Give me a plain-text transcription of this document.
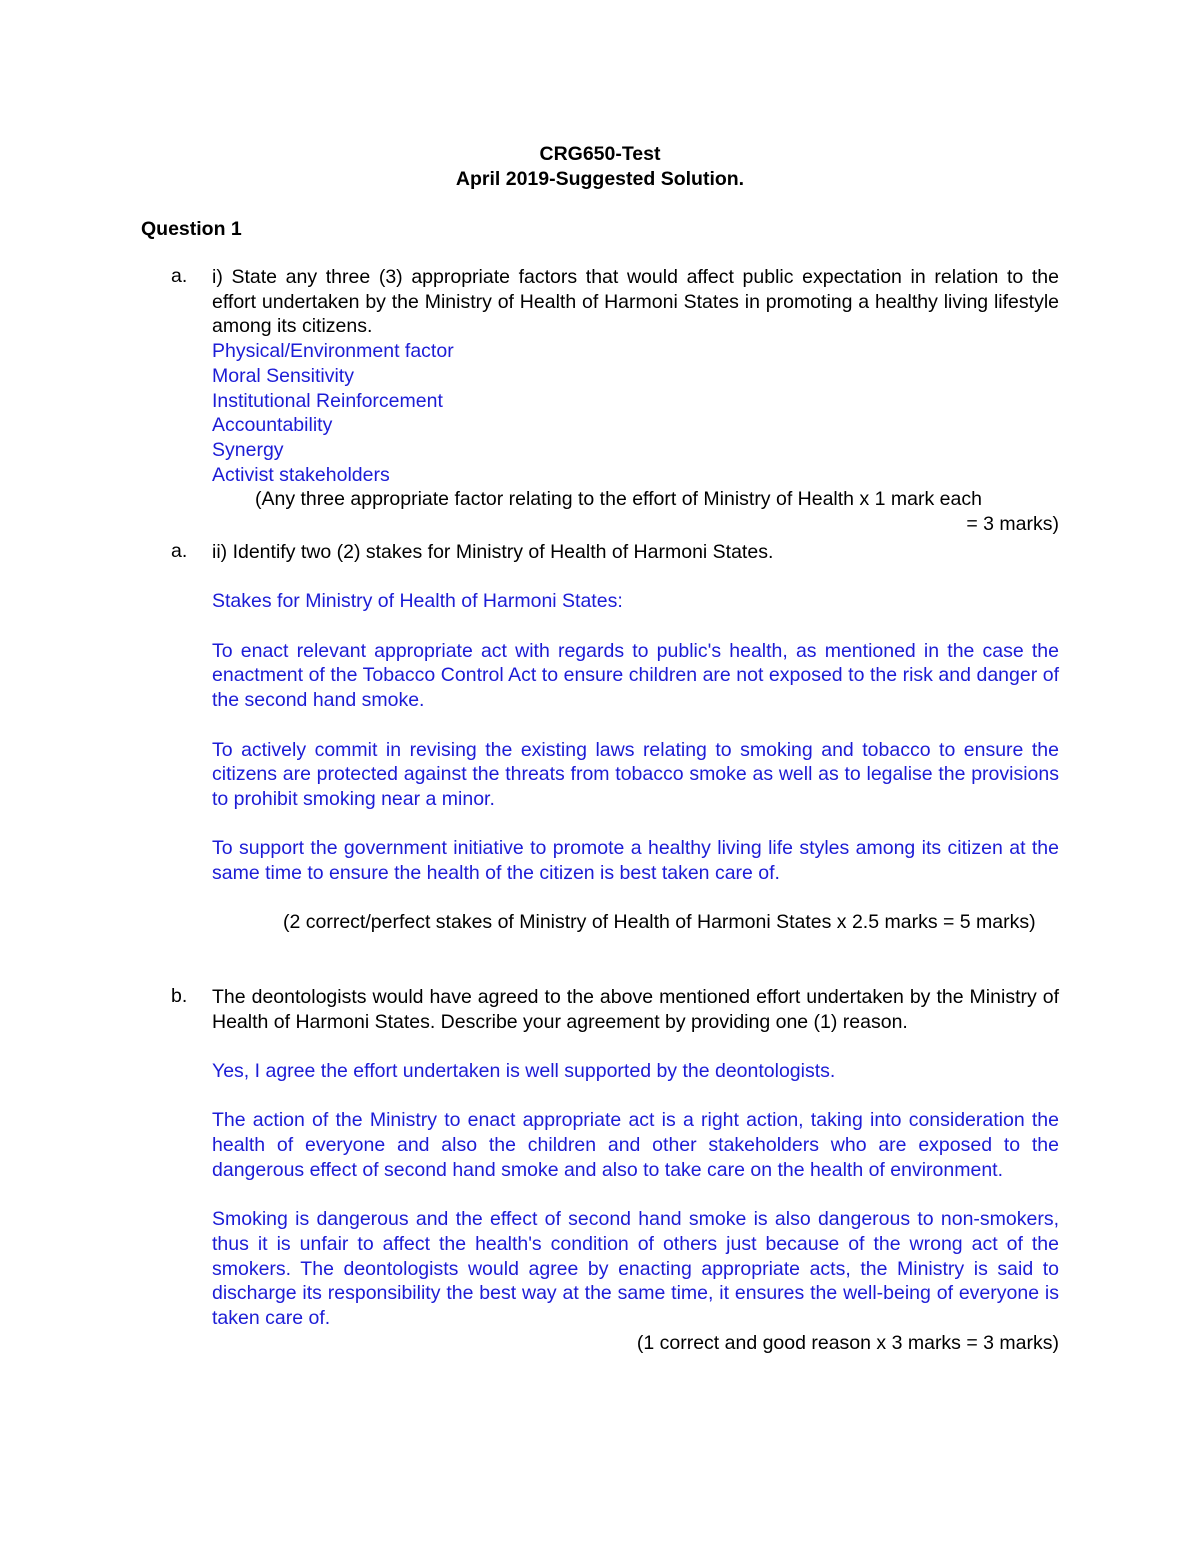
CRG650-Test
April 2019-Suggested Solution.
Question 1
a. i) State any three (3) appropriate factors that would affect public expectation in relation to the effort undertaken by the Ministry of Health of Harmoni States in promoting a healthy living lifestyle among its citizens.

Physical/Environment factor
Moral Sensitivity
Institutional Reinforcement
Accountability
Synergy
Activist stakeholders

(Any three appropriate factor relating to the effort of Ministry of Health x 1 mark each

= 3 marks)

a. ii) Identify two (2) stakes for Ministry of Health of Harmoni States.

Stakes for Ministry of Health of Harmoni States:

To enact relevant appropriate act with regards to public's health, as mentioned in the case the enactment of the Tobacco Control Act to ensure children are not exposed to the risk and danger of the second hand smoke.

To actively commit in revising the existing laws relating to smoking and tobacco to ensure the citizens are protected against the threats from tobacco smoke as well as to legalise the provisions to prohibit smoking near a minor.

To support the government initiative to promote a healthy living life styles among its citizen at the same time to ensure the health of the citizen is best taken care of.

(2 correct/perfect stakes of Ministry of Health of Harmoni States x 2.5 marks = 5 marks)

b. The deontologists would have agreed to the above mentioned effort undertaken by the Ministry of Health of Harmoni States. Describe your agreement by providing one (1) reason.

Yes, I agree the effort undertaken is well supported by the deontologists.

The action of the Ministry to enact appropriate act is a right action, taking into consideration the health of everyone and also the children and other stakeholders who are exposed to the dangerous effect of second hand smoke and also to take care on the health of environment.

Smoking is dangerous and the effect of second hand smoke is also dangerous to non-smokers, thus it is unfair to affect the health's condition of others just because of the wrong act of the smokers. The deontologists would agree by enacting appropriate acts, the Ministry is said to discharge its responsibility the best way at the same time, it ensures the well-being of everyone is taken care of.

(1 correct and good reason x 3 marks = 3 marks)
